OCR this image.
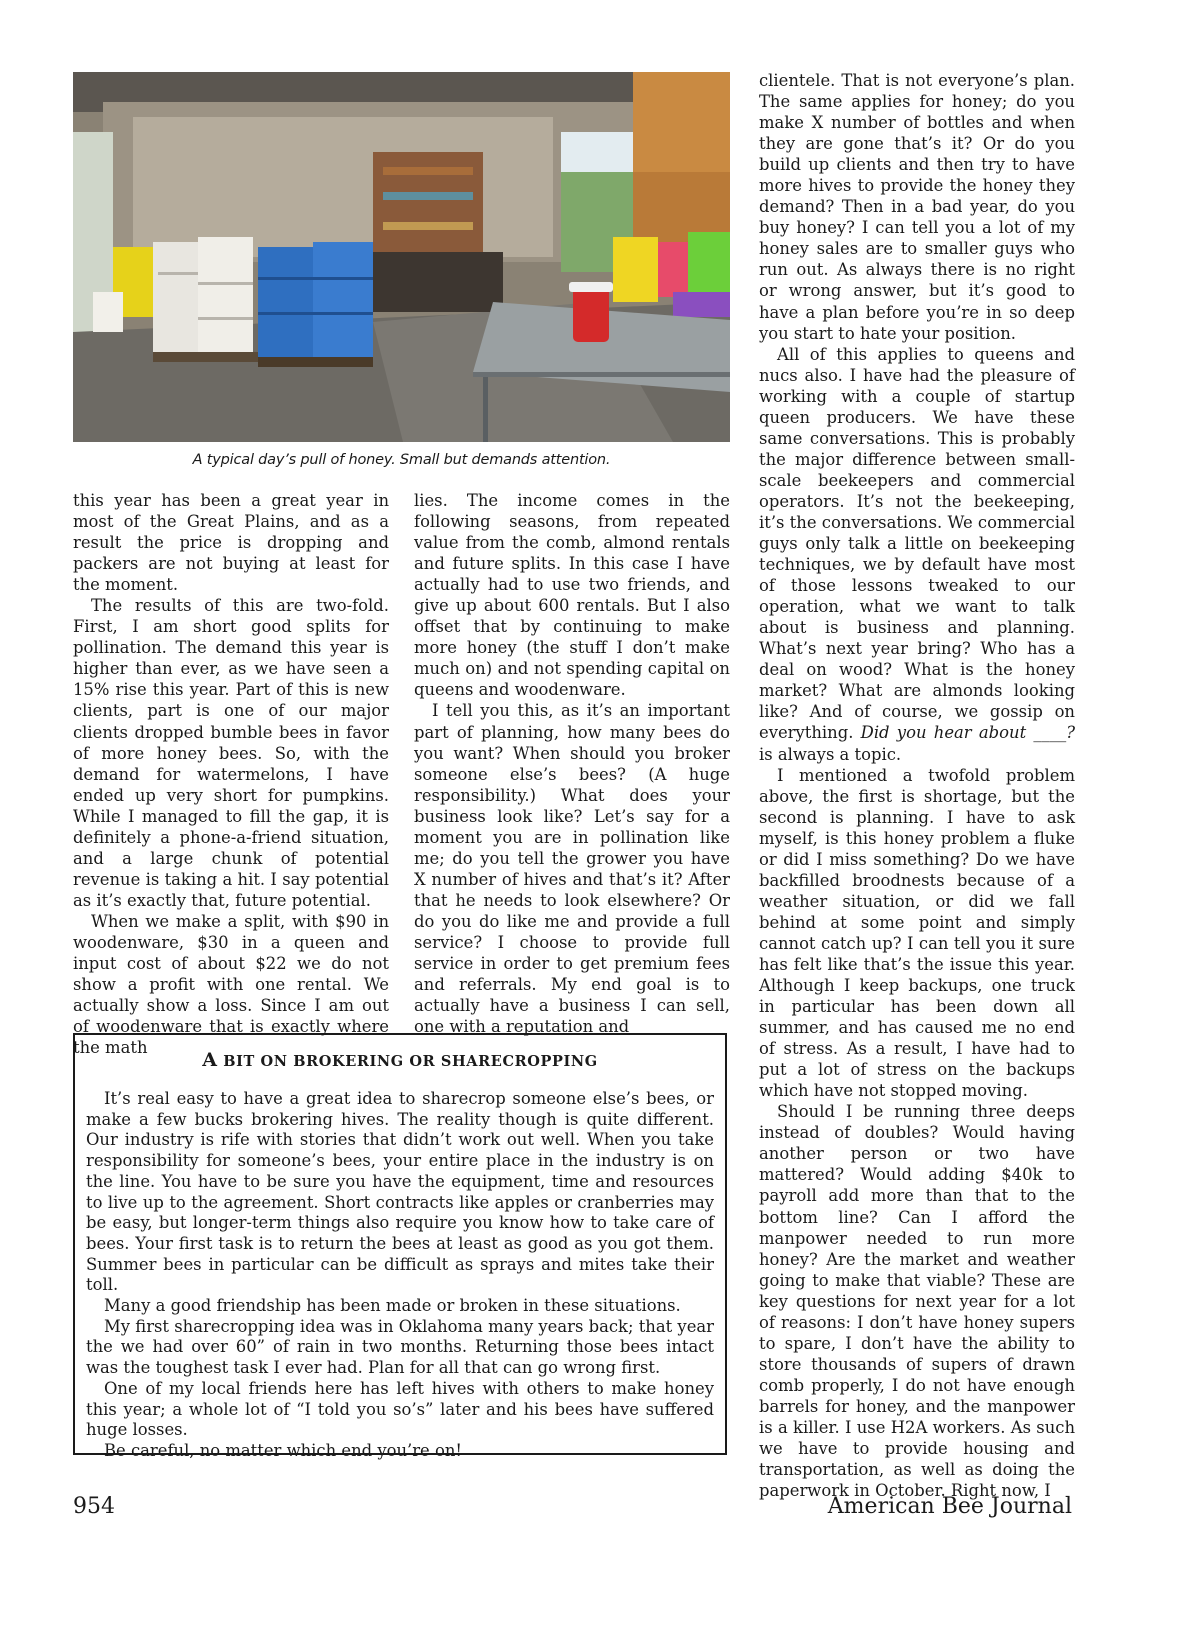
A typical day’s pull of honey. Small but demands attention.

this year has been a great year in most of the Great Plains, and as a result the price is dropping and packers are not buying at least for the moment.

The results of this are two-fold. First, I am short good splits for pollination. The demand this year is higher than ever, as we have seen a 15% rise this year. Part of this is new clients, part is one of our major clients dropped bumble bees in favor of more honey bees. So, with the demand for watermelons, I have ended up very short for pumpkins. While I managed to fill the gap, it is definitely a phone-a-friend situation, and a large chunk of potential revenue is taking a hit. I say potential as it’s exactly that, future potential.

When we make a split, with $90 in woodenware, $30 in a queen and input cost of about $22 we do not show a profit with one rental. We actually show a loss. Since I am out of woodenware that is exactly where the math

lies. The income comes in the following seasons, from repeated value from the comb, almond rentals and future splits. In this case I have actually had to use two friends, and give up about 600 rentals. But I also offset that by continuing to make more honey (the stuff I don’t make much on) and not spending capital on queens and woodenware.

I tell you this, as it’s an important part of planning, how many bees do you want? When should you broker someone else’s bees? (A huge responsibility.) What does your business look like? Let’s say for a moment you are in pollination like me; do you tell the grower you have X number of hives and that’s it? After that he needs to look elsewhere? Or do you do like me and provide a full service? I choose to provide full service in order to get premium fees and referrals. My end goal is to actually have a business I can sell, one with a reputation and

clientele. That is not everyone’s plan. The same applies for honey; do you make X number of bottles and when they are gone that’s it? Or do you build up clients and then try to have more hives to provide the honey they demand? Then in a bad year, do you buy honey? I can tell you a lot of my honey sales are to smaller guys who run out. As always there is no right or wrong answer, but it’s good to have a plan before you’re in so deep you start to hate your position.

All of this applies to queens and nucs also. I have had the pleasure of working with a couple of startup queen producers. We have these same conversations. This is probably the major difference between small-scale beekeepers and commercial operators. It’s not the beekeeping, it’s the conversations. We commercial guys only talk a little on beekeeping techniques, we by default have most of those lessons tweaked to our operation, what we want to talk about is business and planning. What’s next year bring? Who has a deal on wood? What is the honey market? What are almonds looking like? And of course, we gossip on everything. Did you hear about ____? is always a topic.

I mentioned a twofold problem above, the first is shortage, but the second is planning. I have to ask myself, is this honey problem a fluke or did I miss something? Do we have backfilled broodnests because of a weather situation, or did we fall behind at some point and simply cannot catch up? I can tell you it sure has felt like that’s the issue this year. Although I keep backups, one truck in particular has been down all summer, and has caused me no end of stress. As a result, I have had to put a lot of stress on the backups which have not stopped moving.

Should I be running three deeps instead of doubles? Would having another person or two have mattered? Would adding $40k to payroll add more than that to the bottom line? Can I afford the manpower needed to run more honey? Are the market and weather going to make that viable? These are key questions for next year for a lot of reasons: I don’t have honey supers to spare, I don’t have the ability to store thousands of supers of drawn comb properly, I do not have enough barrels for honey, and the manpower is a killer. I use H2A workers. As such we have to provide housing and transportation, as well as doing the paperwork in October. Right now, I

A BIT ON BROKERING OR SHARECROPPING

It’s real easy to have a great idea to sharecrop someone else’s bees, or make a few bucks brokering hives. The reality though is quite different. Our industry is rife with stories that didn’t work out well. When you take responsibility for someone’s bees, your entire place in the industry is on the line. You have to be sure you have the equipment, time and resources to live up to the agreement. Short contracts like apples or cranberries may be easy, but longer-term things also require you know how to take care of bees. Your first task is to return the bees at least as good as you got them. Summer bees in particular can be difficult as sprays and mites take their toll.

Many a good friendship has been made or broken in these situations.

My first sharecropping idea was in Oklahoma many years back; that year the we had over 60” of rain in two months. Returning those bees intact was the toughest task I ever had. Plan for all that can go wrong first.

One of my local friends here has left hives with others to make honey this year; a whole lot of “I told you so’s” later and his bees have suffered huge losses.

Be careful, no matter which end you’re on!

954	American Bee Journal
